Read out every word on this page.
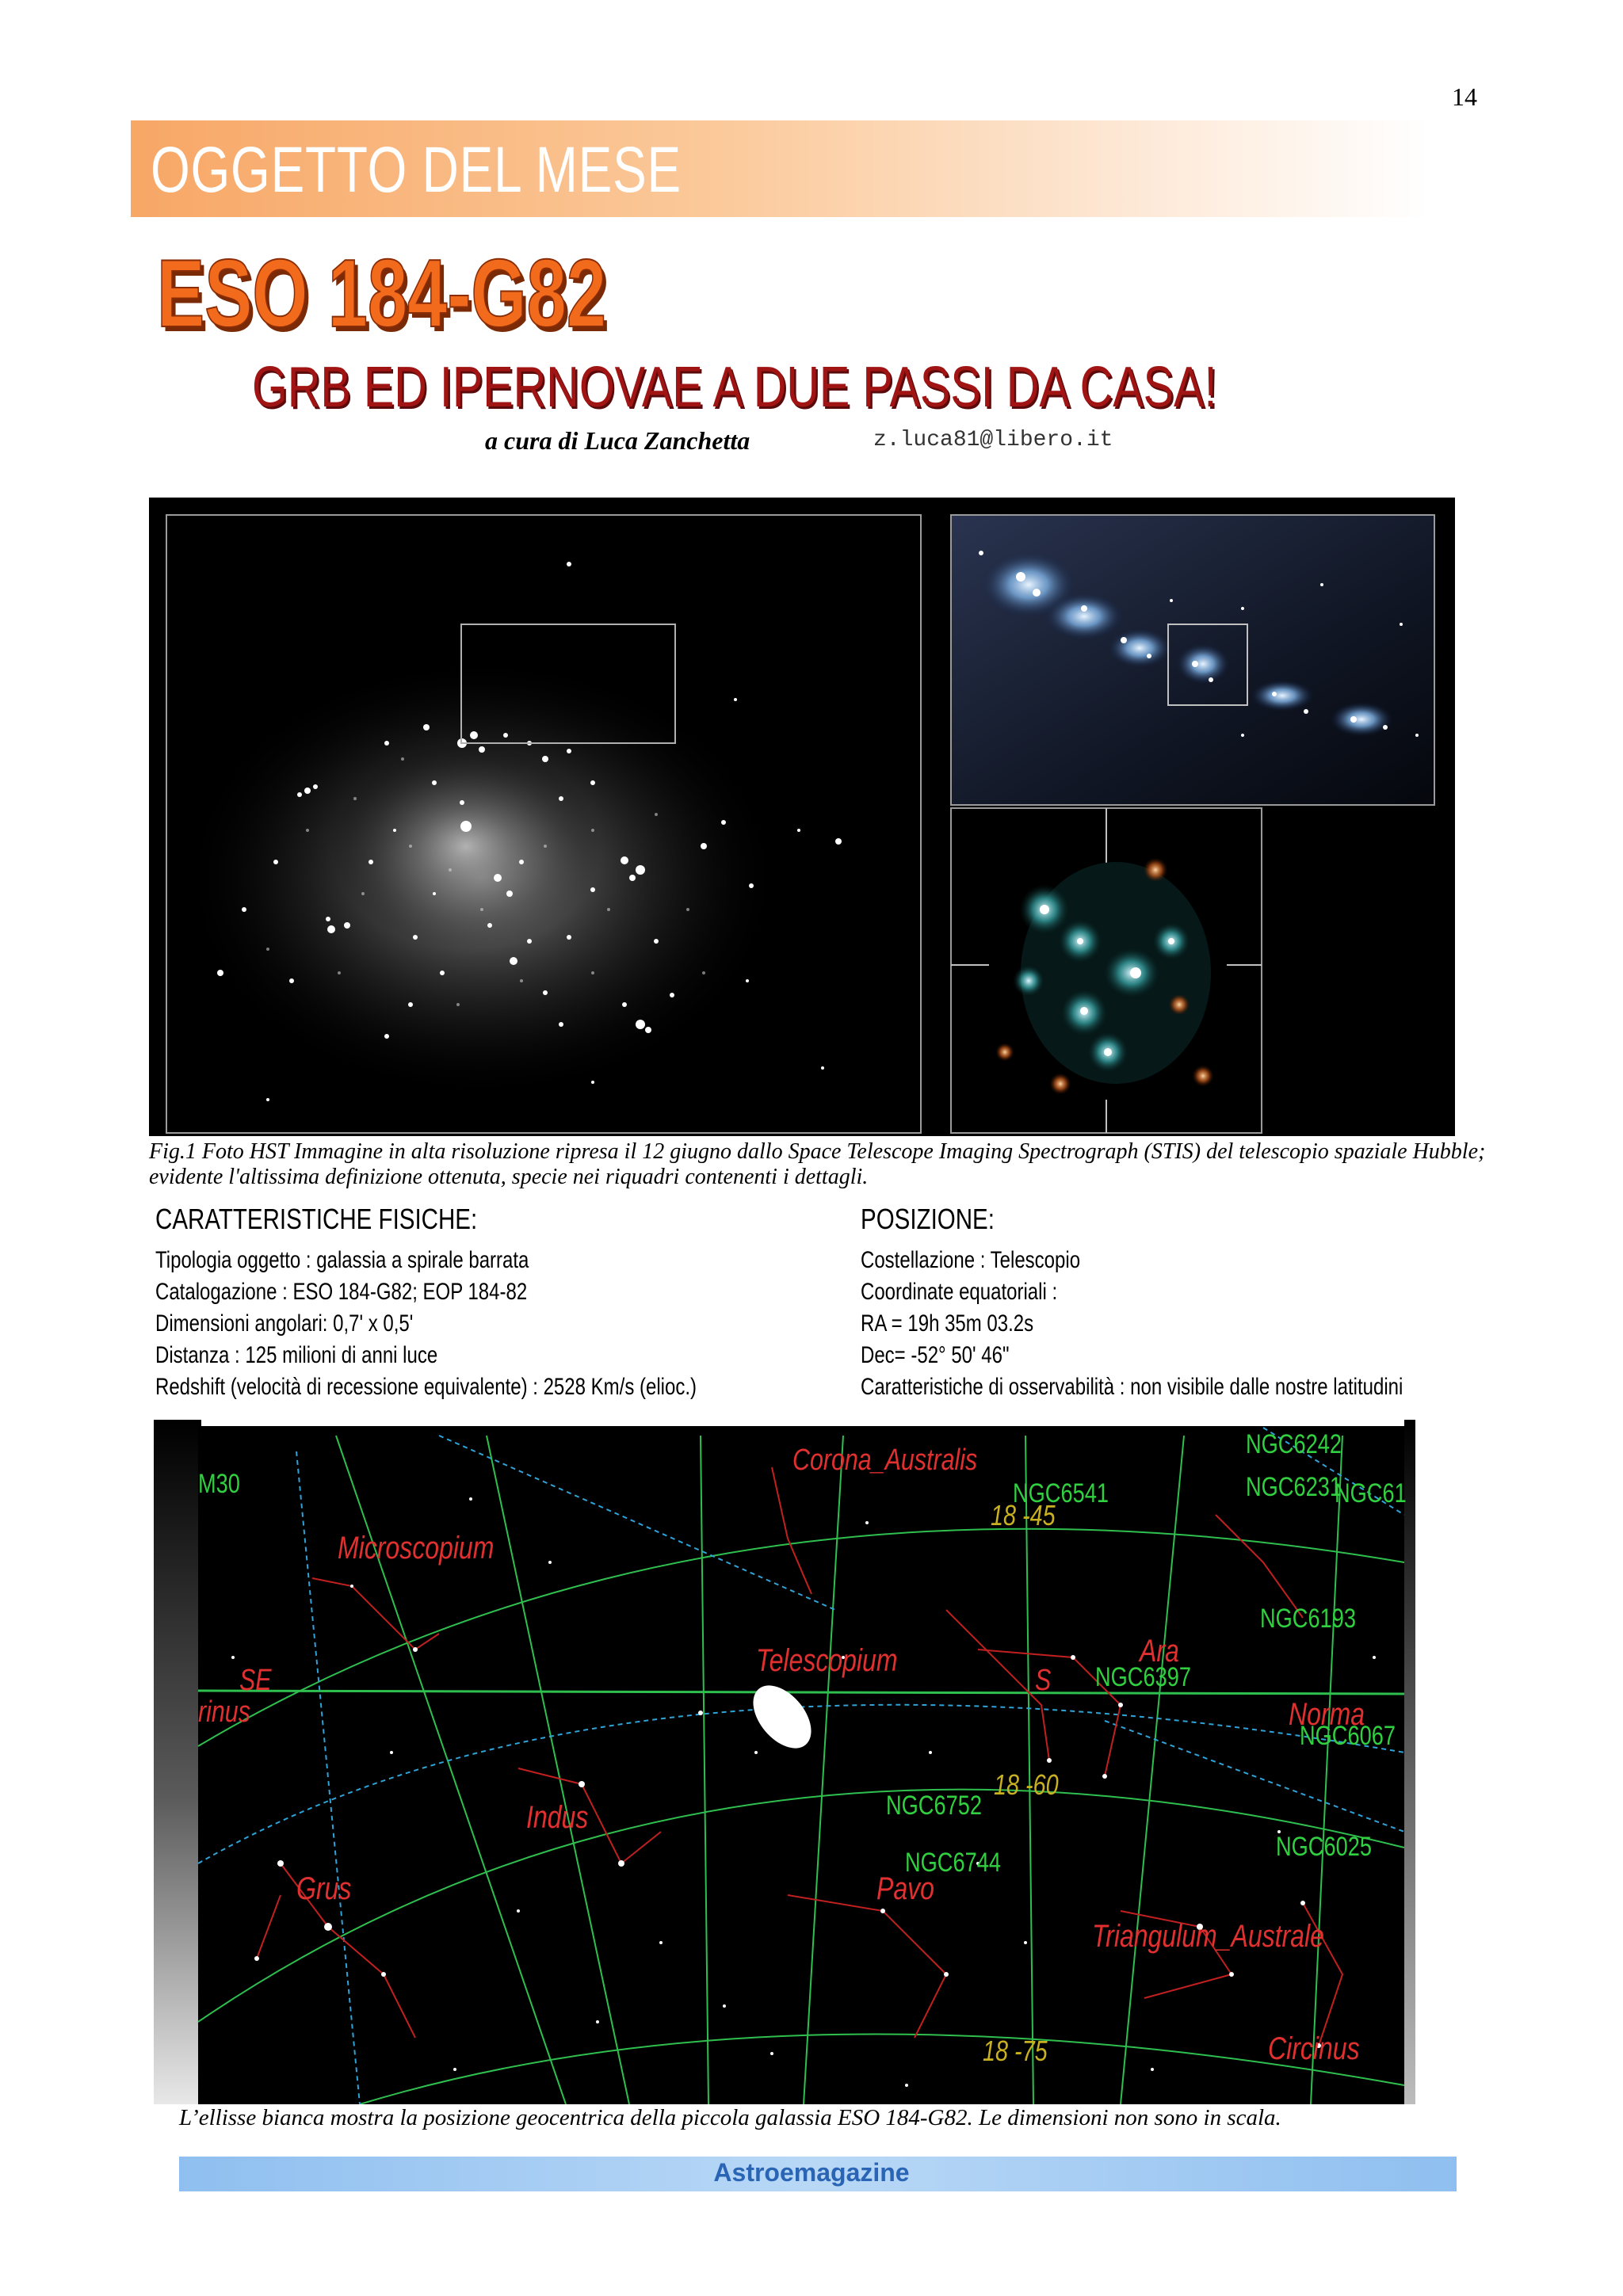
14
OGGETTO DEL MESE
ESO 184-G82
GRB ED IPERNOVAE A DUE PASSI DA CASA!
a cura di Luca Zanchetta	z.luca81@libero.it
Fig.1 Foto HST Immagine in alta risoluzione ripresa il 12 giugno dallo Space Telescope Imaging Spectrograph (STIS) del telescopio spaziale Hubble; evidente l'altissima definizione ottenuta, specie nei riquadri contenenti i dettagli.
CARATTERISTICHE FISICHE:
Tipologia oggetto : galassia a spirale barrata
Catalogazione : ESO 184-G82; EOP 184-82
Dimensioni angolari: 0,7' x 0,5'
Distanza : 125 milioni di anni luce
Redshift (velocità di recessione equivalente) : 2528 Km/s (elioc.)
POSIZIONE:
Costellazione : Telescopio
Coordinate equatoriali :
RA = 19h 35m 03.2s
Dec= -52° 50' 46"
Caratteristiche di osservabilità : non visibile dalle nostre latitudini
Corona_Australis
Microscopium
Telescopium	Ara
Norma
Indus
Grus	Pavo
Triangulum_Australe
Circinus
M30
NGC6242
NGC6541	NGC6231
NGC61
NGC6193
NGC6397
NGC6067
NGC6752
NGC6744
NGC6025
18 -45
18 -60
18 -75
SE
rinus
S
L’ellisse bianca mostra la posizione geocentrica della piccola galassia ESO 184-G82. Le dimensioni non sono in scala.
Astroemagazine
